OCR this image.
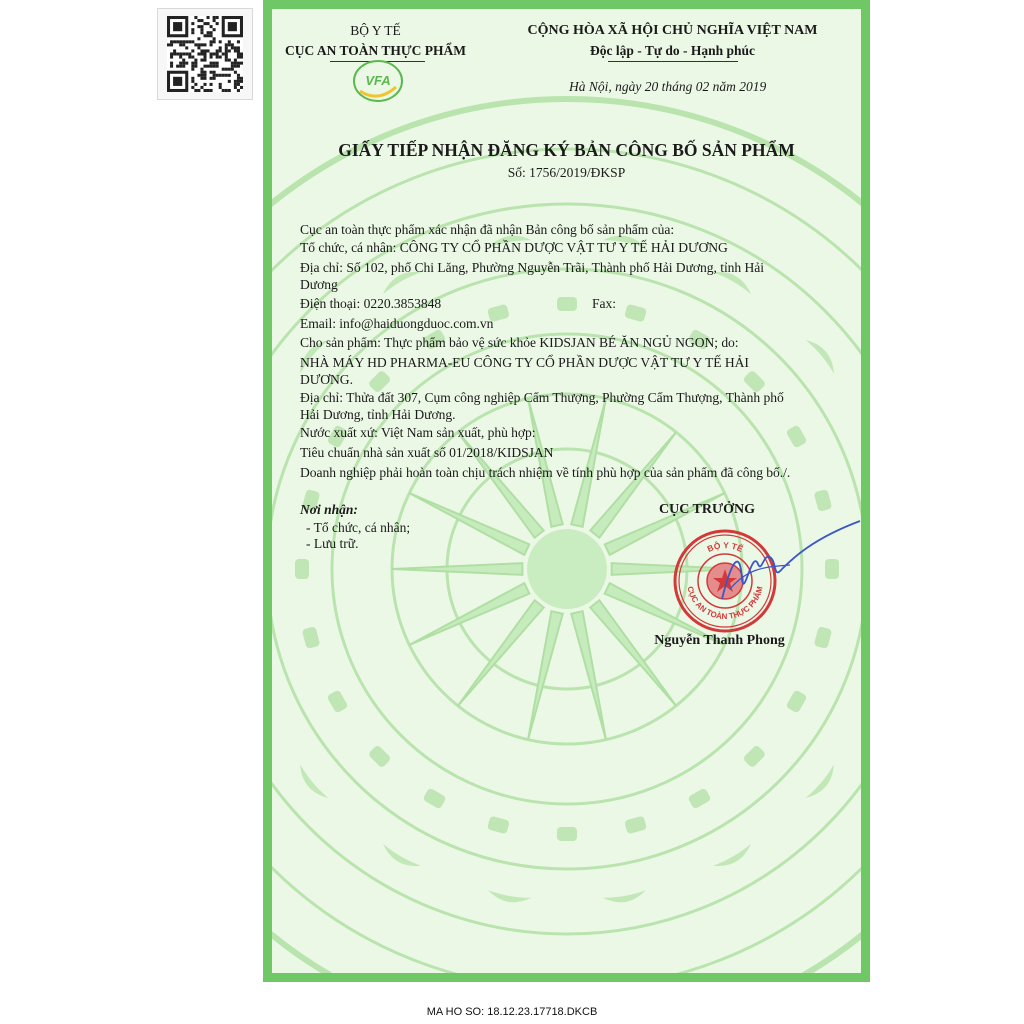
BỘ Y TẾ
CỤC AN TOÀN THỰC PHẨM
VFA
CỘNG HÒA XÃ HỘI CHỦ NGHĨA VIỆT NAM
Độc lập - Tự do - Hạnh phúc
Hà Nội, ngày 20 tháng 02 năm 2019
GIẤY TIẾP NHẬN ĐĂNG KÝ BẢN CÔNG BỐ SẢN PHẨM
Số: 1756/2019/ĐKSP
Cục an toàn thực phẩm xác nhận đã nhận Bản công bố sản phẩm của:
Tổ chức, cá nhân: CÔNG TY CỔ PHẦN DƯỢC VẬT TƯ Y TẾ HẢI DƯƠNG
Địa chỉ: Số 102, phố Chi Lăng, Phường Nguyễn Trãi, Thành phố Hải Dương, tỉnh Hải
Dương
Điện thoại: 0220.3853848	Fax:
Email: info@haiduongduoc.com.vn
Cho sản phẩm: Thực phẩm bảo vệ sức khỏe KIDSJAN BÉ ĂN NGỦ NGON; do:
NHÀ MÁY HD PHARMA-EU CÔNG TY CỔ PHẦN DƯỢC VẬT TƯ Y TẾ HẢI
DƯƠNG.
Địa chỉ: Thửa đất 307, Cụm công nghiệp Cẩm Thượng, Phường Cẩm Thượng, Thành phố
Hải Dương, tỉnh Hải Dương.
Nước xuất xứ: Việt Nam sản xuất, phù hợp:
Tiêu chuẩn nhà sản xuất số 01/2018/KIDSJAN
Doanh nghiệp phải hoàn toàn chịu trách nhiệm về tính phù hợp của sản phẩm đã công bố./.
Nơi nhận:
- Tổ chức, cá nhân;
- Lưu trữ.
CỤC TRƯỞNG
BỘ Y TẾ
CỤC AN TOÀN THỰC PHẨM
Nguyễn Thanh Phong
MA HO SO: 18.12.23.17718.DKCB
